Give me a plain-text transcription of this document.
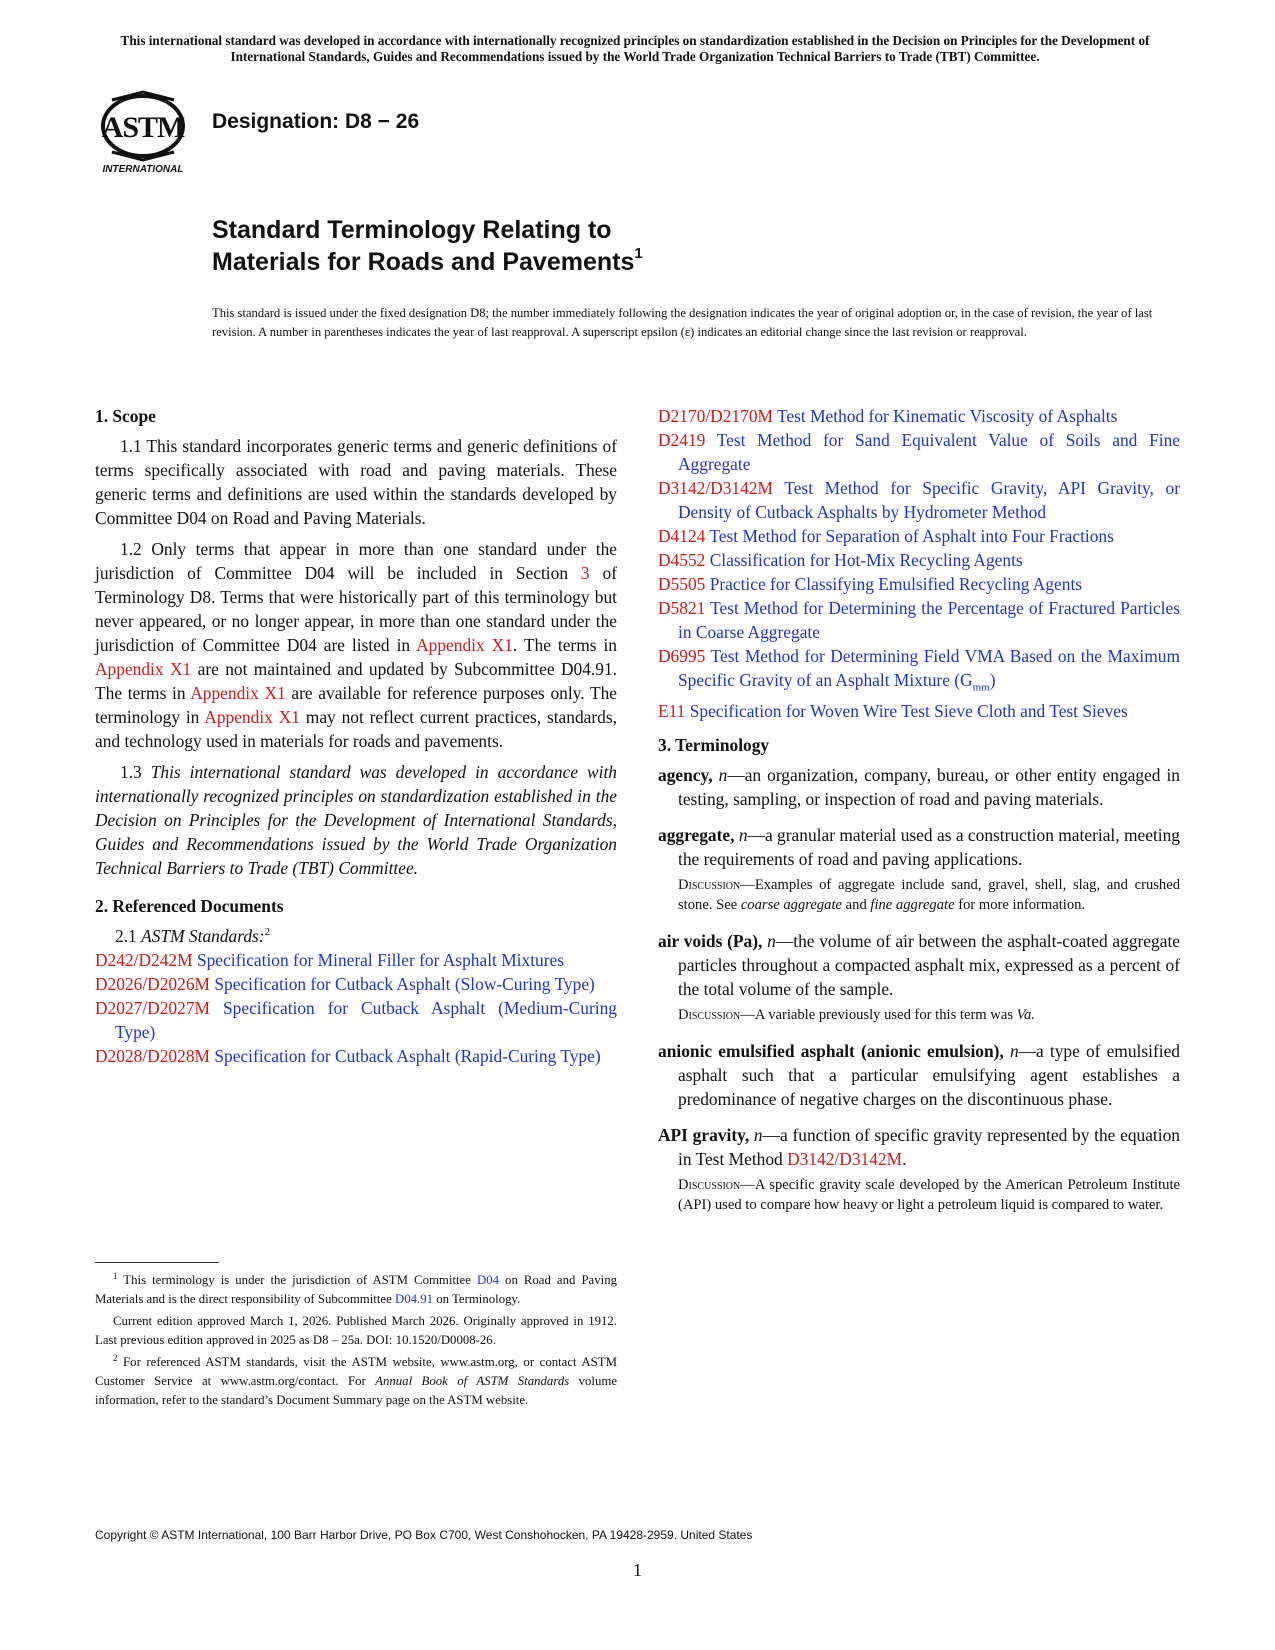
This international standard was developed in accordance with internationally recognized principles on standardization established in the Decision on Principles for the Development of International Standards, Guides and Recommendations issued by the World Trade Organization Technical Barriers to Trade (TBT) Committee.
ASTM
INTERNATIONAL
Designation: D8 − 26
Standard Terminology Relating to
Materials for Roads and Pavements$^1$
This standard is issued under the fixed designation D8; the number immediately following the designation indicates the year of original adoption or, in the case of revision, the year of last revision. A number in parentheses indicates the year of last reapproval. A superscript epsilon (ε) indicates an editorial change since the last revision or reapproval.
1. Scope

1.1 This standard incorporates generic terms and generic definitions of terms specifically associated with road and paving materials. These generic terms and definitions are used within the standards developed by Committee D04 on Road and Paving Materials.

1.2 Only terms that appear in more than one standard under the jurisdiction of Committee D04 will be included in Section 3 of Terminology D8. Terms that were historically part of this terminology but never appeared, or no longer appear, in more than one standard under the jurisdiction of Committee D04 are listed in Appendix X1. The terms in Appendix X1 are not maintained and updated by Subcommittee D04.91. The terms in Appendix X1 are available for reference purposes only. The terminology in Appendix X1 may not reflect current practices, standards, and technology used in materials for roads and pavements.

1.3 This international standard was developed in accordance with internationally recognized principles on standardization established in the Decision on Principles for the Development of International Standards, Guides and Recommendations issued by the World Trade Organization Technical Barriers to Trade (TBT) Committee.

2. Referenced Documents

2.1 ASTM Standards:$^2$

D242/D242M Specification for Mineral Filler for Asphalt Mixtures

D2026/D2026M Specification for Cutback Asphalt (Slow-Curing Type)

D2027/D2027M Specification for Cutback Asphalt (Medium-Curing Type)

D2028/D2028M Specification for Cutback Asphalt (Rapid-Curing Type)

$^1$ This terminology is under the jurisdiction of ASTM Committee D04 on Road and Paving Materials and is the direct responsibility of Subcommittee D04.91 on Terminology.

Current edition approved March 1, 2026. Published March 2026. Originally approved in 1912. Last previous edition approved in 2025 as D8 – 25a. DOI: 10.1520/D0008-26.

$^2$ For referenced ASTM standards, visit the ASTM website, www.astm.org, or contact ASTM Customer Service at www.astm.org/contact. For Annual Book of ASTM Standards volume information, refer to the standard’s Document Summary page on the ASTM website.

D2170/D2170M Test Method for Kinematic Viscosity of Asphalts

D2419 Test Method for Sand Equivalent Value of Soils and Fine Aggregate

D3142/D3142M Test Method for Specific Gravity, API Gravity, or Density of Cutback Asphalts by Hydrometer Method

D4124 Test Method for Separation of Asphalt into Four Fractions

D4552 Classification for Hot-Mix Recycling Agents

D5505 Practice for Classifying Emulsified Recycling Agents

D5821 Test Method for Determining the Percentage of Fractured Particles in Coarse Aggregate

D6995 Test Method for Determining Field VMA Based on the Maximum Specific Gravity of an Asphalt Mixture $(G_{mm})$

E11 Specification for Woven Wire Test Sieve Cloth and Test Sieves

3. Terminology

agency, n—an organization, company, bureau, or other entity engaged in testing, sampling, or inspection of road and paving materials.

aggregate, n—a granular material used as a construction material, meeting the requirements of road and paving applications.

Discussion—Examples of aggregate include sand, gravel, shell, slag, and crushed stone. See coarse aggregate and fine aggregate for more information.

air voids (Pa), n—the volume of air between the asphalt-coated aggregate particles throughout a compacted asphalt mix, expressed as a percent of the total volume of the sample.

Discussion—A variable previously used for this term was Va.

anionic emulsified asphalt (anionic emulsion), n—a type of emulsified asphalt such that a particular emulsifying agent establishes a predominance of negative charges on the discontinuous phase.

API gravity, n—a function of specific gravity represented by the equation in Test Method D3142/D3142M.

Discussion—A specific gravity scale developed by the American Petroleum Institute (API) used to compare how heavy or light a petroleum liquid is compared to water.

Copyright © ASTM International, 100 Barr Harbor Drive, PO Box C700, West Conshohocken, PA 19428-2959. United States
1
